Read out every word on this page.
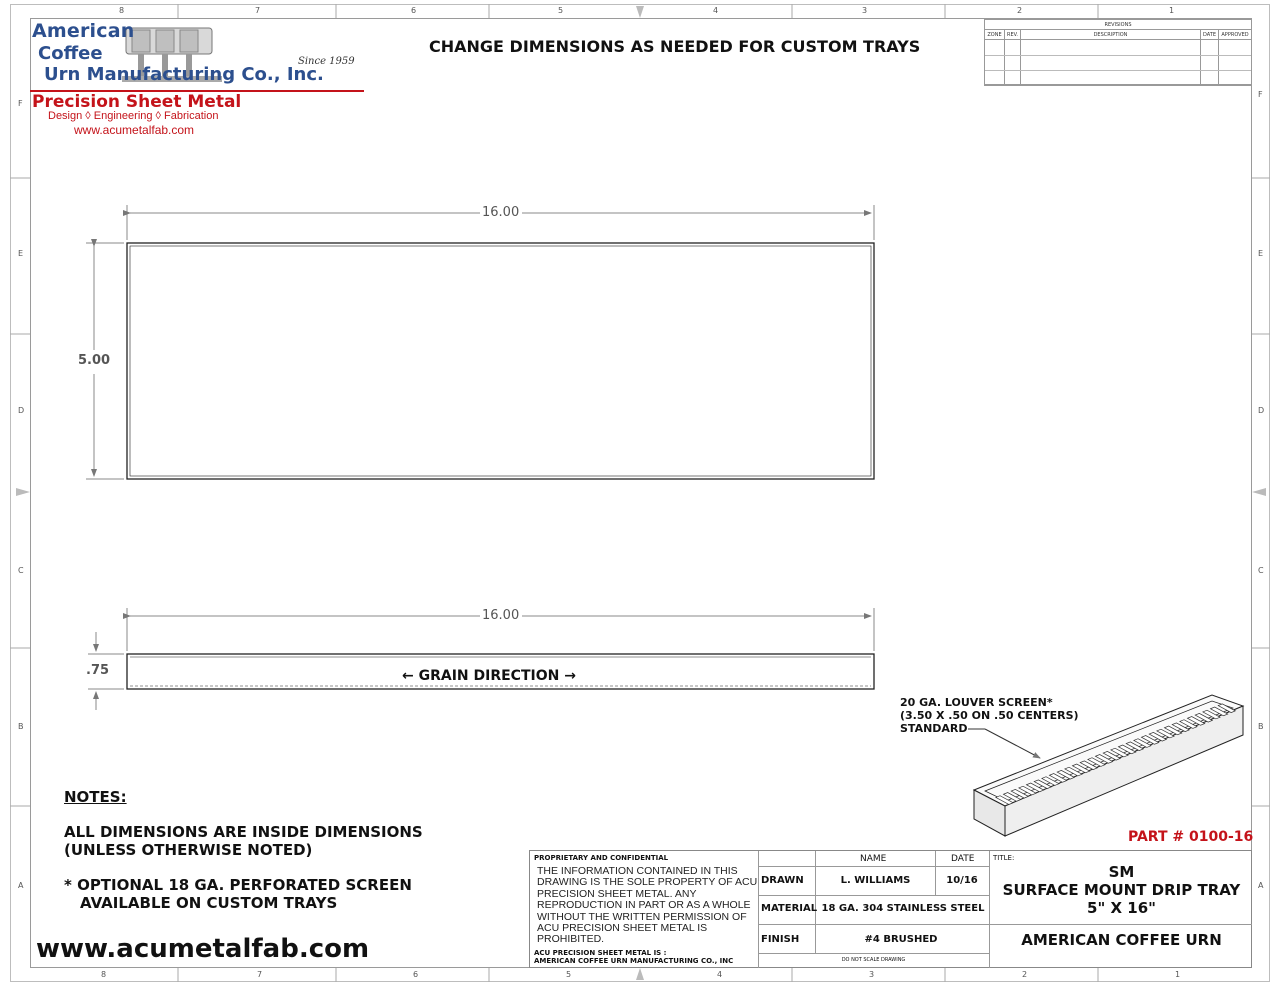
8	7	6	5	4	3	2	1
8	7	6	5	4	3	2	1
F
E
D
C
B
A
F
E
D
C
B
A
American
Coffee
Urn Manufacturing Co., Inc.
Since 1959
Precision Sheet Metal
Design ◊ Engineering ◊ Fabrication
www.acumetalfab.com
CHANGE DIMENSIONS AS NEEDED FOR CUSTOM TRAYS
REVISIONS
ZONE	REV.	DESCRIPTION	DATE	APPROVED
16.00
5.00
16.00
.75	← GRAIN DIRECTION →
20 GA. LOUVER SCREEN*
(3.50 X .50 ON .50 CENTERS)
STANDARD
PART # 0100-16
NOTES:
ALL DIMENSIONS ARE INSIDE DIMENSIONS
(UNLESS OTHERWISE NOTED)
* OPTIONAL 18 GA. PERFORATED SCREEN
AVAILABLE ON CUSTOM TRAYS
www.acumetalfab.com
PROPRIETARY AND CONFIDENTIAL
THE INFORMATION CONTAINED IN THIS DRAWING IS THE SOLE PROPERTY OF ACU PRECISION SHEET METAL. ANY REPRODUCTION IN PART OR AS A WHOLE WITHOUT THE WRITTEN PERMISSION OF ACU PRECISION SHEET METAL IS PROHIBITED.
ACU PRECISION SHEET METAL IS :
AMERICAN COFFEE URN MANUFACTURING CO., INC
NAME	DATE
DRAWN	L. WILLIAMS	10/16
MATERIAL 18 GA. 304 STAINLESS STEEL
FINISH	#4 BRUSHED
DO NOT SCALE DRAWING
TITLE:
SM
SURFACE MOUNT DRIP TRAY
5" X 16"
AMERICAN COFFEE URN
